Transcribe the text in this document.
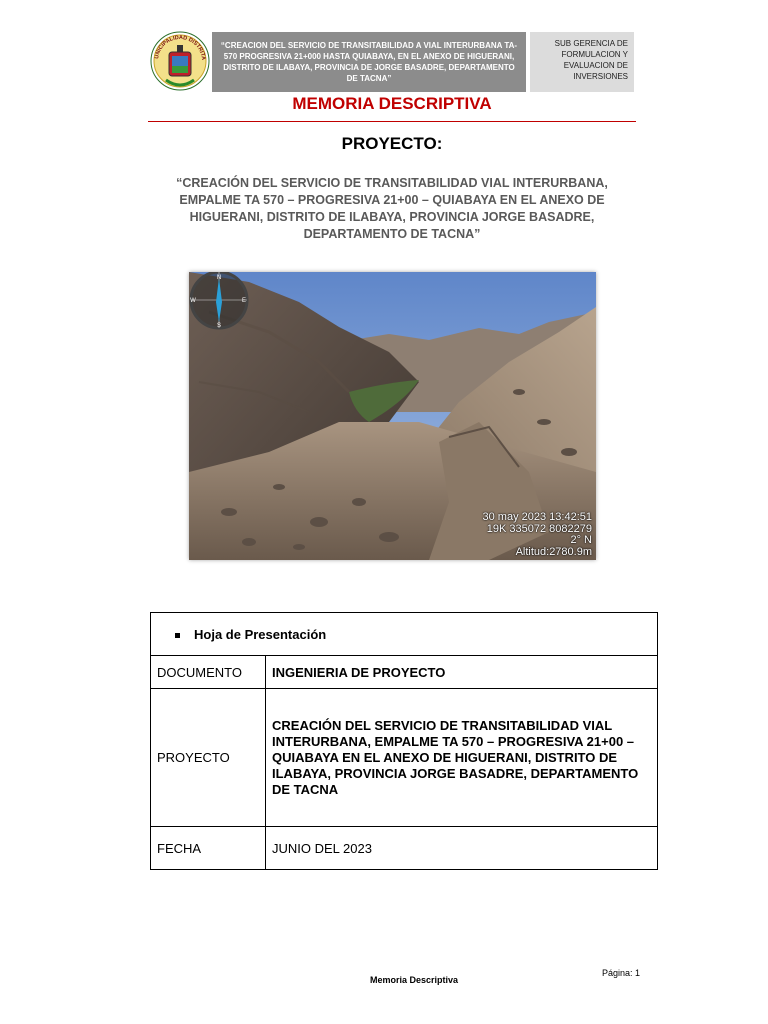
UNICIPALIDAD DISTRITA
“CREACION DEL SERVICIO DE TRANSITABILIDAD A VIAL INTERURBANA TA-570 PROGRESIVA 21+000 HASTA QUIABAYA, EN EL ANEXO DE HIGUERANI, DISTRITO DE ILABAYA, PROVINCIA DE JORGE BASADRE, DEPARTAMENTO DE TACNA”
SUB GERENCIA DE FORMULACION Y EVALUACION DE INVERSIONES
MEMORIA DESCRIPTIVA
PROYECTO:
“CREACIÓN DEL SERVICIO DE TRANSITABILIDAD VIAL INTERURBANA, EMPALME TA 570 – PROGRESIVA 21+00 – QUIABAYA EN EL ANEXO DE HIGUERANI, DISTRITO DE ILABAYA, PROVINCIA JORGE BASADRE, DEPARTAMENTO DE TACNA”
N
E
S
W
30 may 2023 13:42:51
19K 335072 8082279
2° N
Altitud:2780.9m
Hoja de Presentación	
DOCUMENTO	INGENIERIA DE PROYECTO
PROYECTO	CREACIÓN DEL SERVICIO DE TRANSITABILIDAD VIAL INTERURBANA, EMPALME TA 570 – PROGRESIVA 21+00 – QUIABAYA EN EL ANEXO DE HIGUERANI, DISTRITO DE ILABAYA, PROVINCIA JORGE BASADRE, DEPARTAMENTO DE TACNA
FECHA	JUNIO DEL 2023
Memoria Descriptiva
Página: 1
